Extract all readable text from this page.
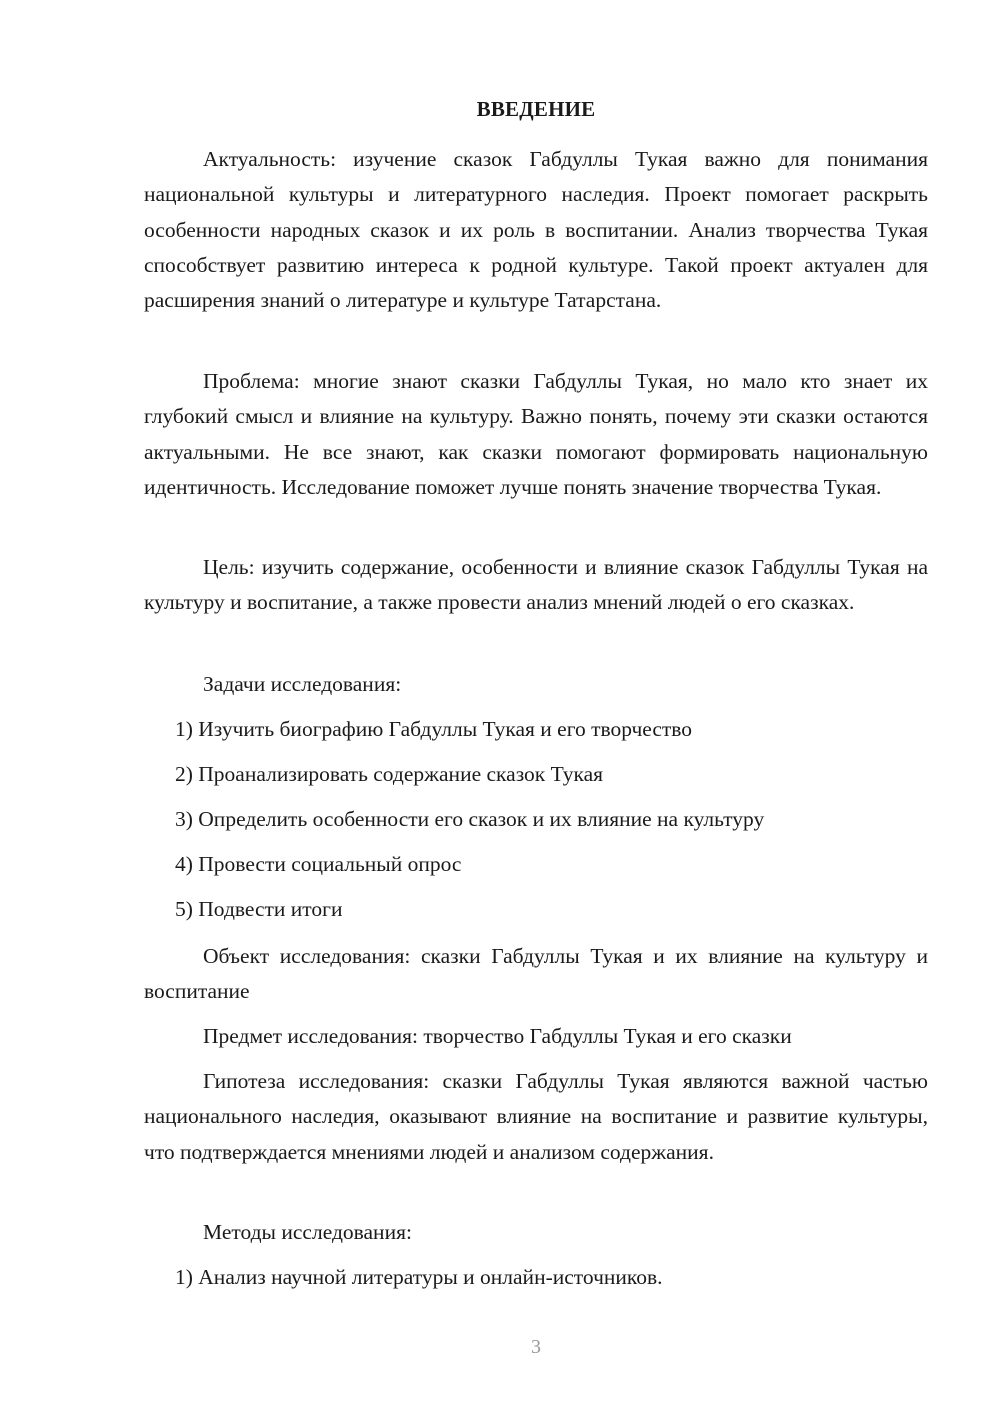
ВВЕДЕНИЕ

Актуальность: изучение сказок Габдуллы Тукая важно для понимания национальной культуры и литературного наследия. Проект помогает раскрыть особенности народных сказок и их роль в воспитании. Анализ творчества Тукая способствует развитию интереса к родной культуре. Такой проект актуален для расширения знаний о литературе и культуре Татарстана.

Проблема: многие знают сказки Габдуллы Тукая, но мало кто знает их глубокий смысл и влияние на культуру. Важно понять, почему эти сказки остаются актуальными. Не все знают, как сказки помогают формировать национальную идентичность. Исследование поможет лучше понять значение творчества Тукая.

Цель: изучить содержание, особенности и влияние сказок Габдуллы Тукая на культуру и воспитание, а также провести анализ мнений людей о его сказках.

Задачи исследования:
1) Изучить биографию Габдуллы Тукая и его творчество
2) Проанализировать содержание сказок Тукая
3) Определить особенности его сказок и их влияние на культуру
4) Провести социальный опрос
5) Подвести итоги

Объект исследования: сказки Габдуллы Тукая и их влияние на культуру и воспитание

Предмет исследования: творчество Габдуллы Тукая и его сказки

Гипотеза исследования: сказки Габдуллы Тукая являются важной частью национального наследия, оказывают влияние на воспитание и развитие культуры, что подтверждается мнениями людей и анализом содержания.

Методы исследования:
1) Анализ научной литературы и онлайн-источников.
3
